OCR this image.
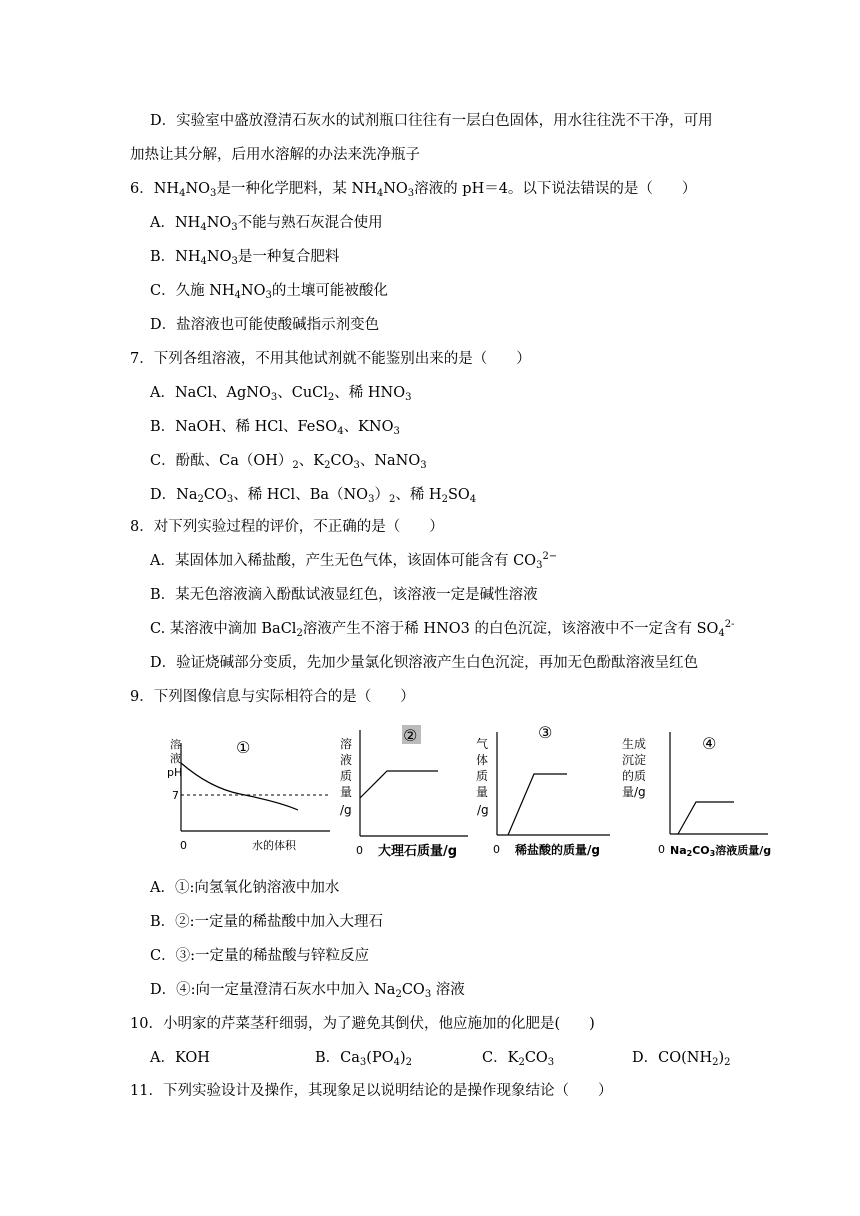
D．实验室中盛放澄清石灰水的试剂瓶口往往有一层白色固体，用水往往洗不干净，可用
加热让其分解，后用水溶解的办法来洗净瓶子
6．$NH_4NO_3$是一种化学肥料，某 $NH_4NO_3$溶液的 pH＝4。以下说法错误的是（　　）
A．$NH_4NO_3$不能与熟石灰混合使用
B．$NH_4NO_3$是一种复合肥料
C．久施 $NH_4NO_3$的土壤可能被酸化
D．盐溶液也可能使酸碱指示剂变色
7．下列各组溶液，不用其他试剂就不能鉴别出来的是（　　）
A．NaCl、AgNO$_3$、CuCl$_2$、稀 $HNO_3$
B．NaOH、稀 HCl、FeSO$_4$、$KNO_3$
C．酚酞、$Ca(OH)_2$、$K_2CO_3$、NaNO$_3$
D．$Na_2CO_3$、稀 HCl、$Ba(NO_3)_2$、稀 $H_2SO_4$
8．对下列实验过程的评价，不正确的是（　　）
A．某固体加入稀盐酸，产生无色气体，该固体可能含有 $CO_3^{2-}$
B．某无色溶液滴入酚酞试液显红色，该溶液一定是碱性溶液
C. 某溶液中滴加 BaCl$_2$溶液产生不溶于稀 HNO3 的白色沉淀，该溶液中不一定含有 $SO_4^{2-}$
D．验证烧碱部分变质，先加少量氯化钡溶液产生白色沉淀，再加无色酚酞溶液呈红色
9．下列图像信息与实际相符合的是（　　）
①
溶
液
pH
7
0	水的体积
②
溶
液
质
量
/g
0 大理石质量/g
③
气
体
质
量
/g
0 稀盐酸的质量/g
④
生成
沉淀
的质
量/g
0 Na2CO3溶液质量/g
A．①:向氢氧化钠溶液中加水
B．②:一定量的稀盐酸中加入大理石
C．③:一定量的稀盐酸与锌粒反应
D．④:向一定量澄清石灰水中加入 $Na_2CO_3$ 溶液
10．小明家的芹菜茎秆细弱，为了避免其倒伏，他应施加的化肥是(　　)
A．KOH	B．$Ca_3(PO_4)_2$	C．$K_2CO_3$	D．$CO(NH_2)_2$
11．下列实验设计及操作，其现象足以说明结论的是操作现象结论（　　）
